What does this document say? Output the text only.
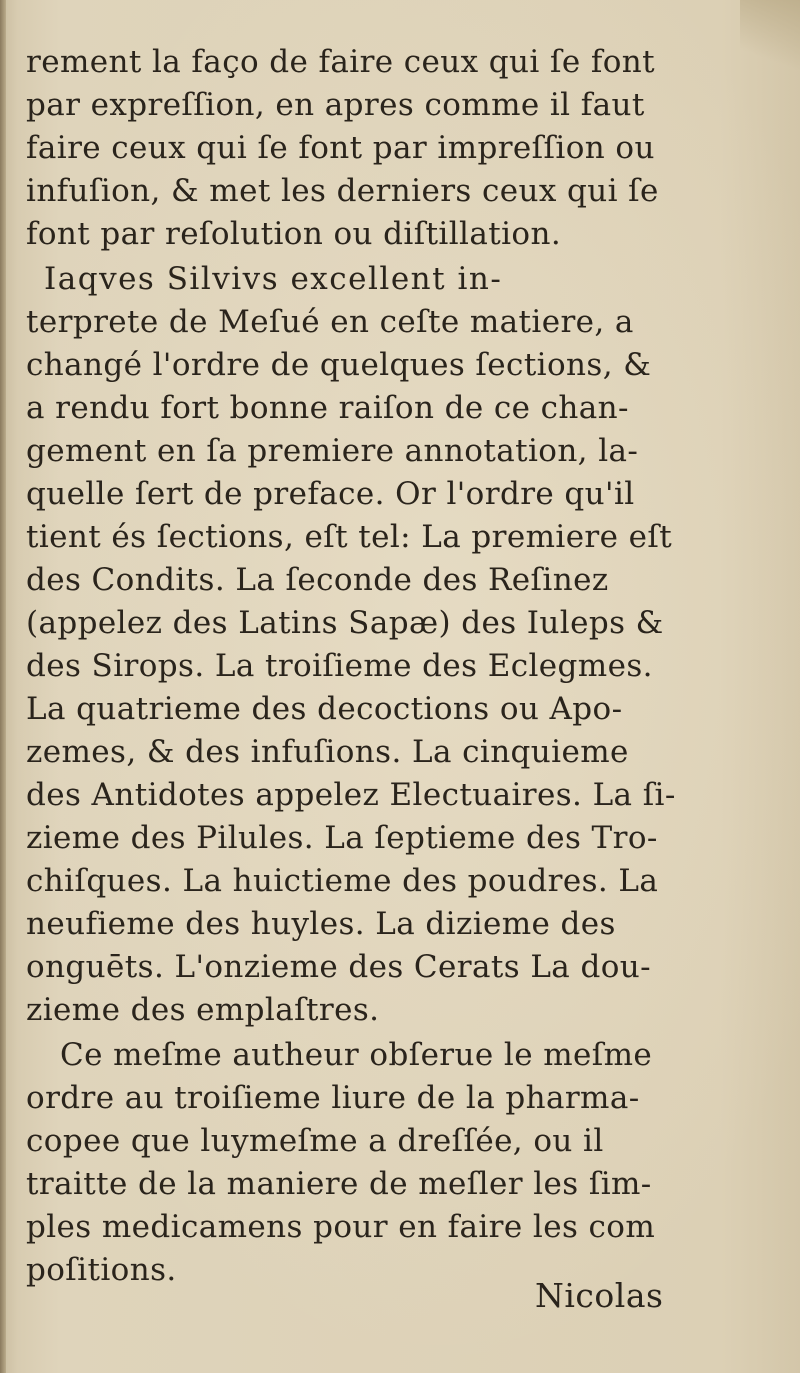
rement la faço de faire ceux qui ſe font
par expreſſion, en apres comme il faut
faire ceux qui ſe font par impreſſion ou
infuſion, & met les derniers ceux qui ſe
font par reſolution ou diſtillation.
Iaqves Silvivs excellent in-
terprete de Meſué en ceſte matiere, a
changé l'ordre de quelques ſections, &
a rendu fort bonne raiſon de ce chan-
gement en ſa premiere annotation, la-
quelle ſert de preface. Or l'ordre qu'il
tient és ſections, eſt tel: La premiere eſt
des Condits. La ſeconde des Reſinez
(appelez des Latins Sapæ) des Iuleps &
des Sirops. La troiſieme des Eclegmes.
La quatrieme des decoctions ou Apo-
zemes, & des infuſions. La cinquieme
des Antidotes appelez Electuaires. La ſi-
zieme des Pilules. La ſeptieme des Tro-
chiſques. La huictieme des poudres. La
neufieme des huyles. La dizieme des
onguēts. L'onzieme des Cerats La dou-
zieme des emplaſtres.
Ce meſme autheur obſerue le meſme
ordre au troiſieme liure de la pharma-
copee que luymeſme a dreſſée, ou il
traitte de la maniere de meſler les ſim-
ples medicamens pour en faire les com
poſitions.
Nicolas
